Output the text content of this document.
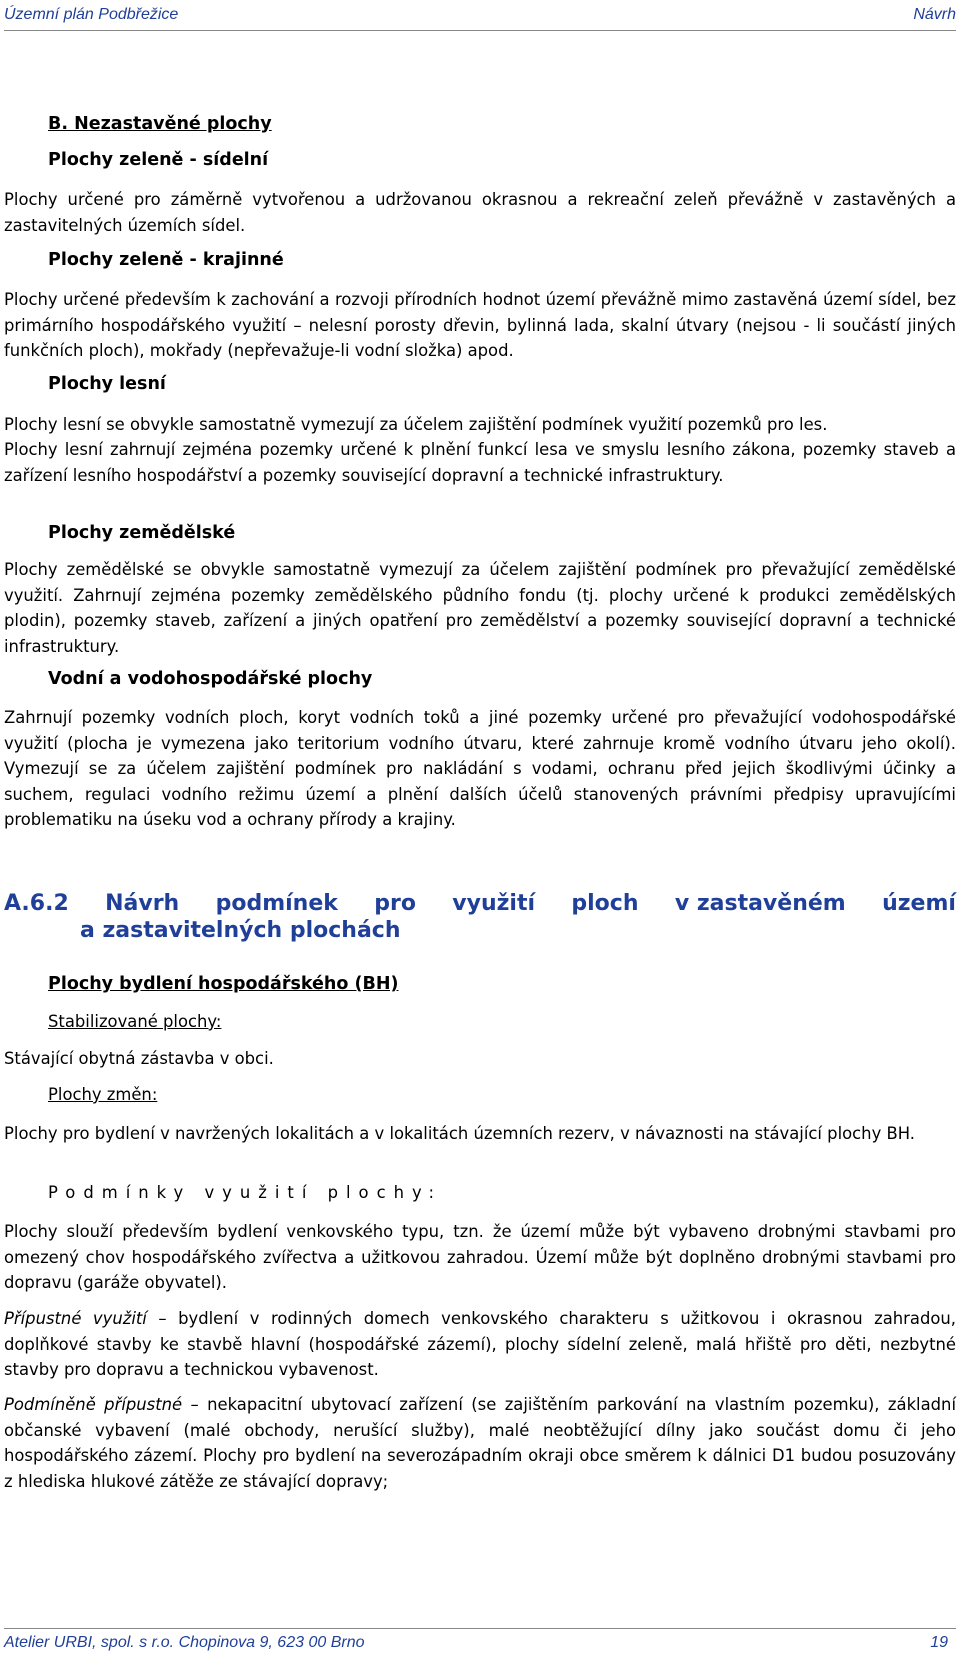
Územní plán Podbřežice	Návrh
B. Nezastavěné plochy
Plochy zeleně - sídelní
Plochy určené pro záměrně vytvořenou a udržovanou okrasnou a rekreační zeleň převážně v zastavěných a zastavitelných územích sídel.
Plochy zeleně - krajinné
Plochy určené především k zachování a rozvoji přírodních hodnot území převážně mimo zastavěná území sídel, bez primárního hospodářského využití – nelesní porosty dřevin, bylinná lada, skalní útvary (nejsou - li součástí jiných funkčních ploch), mokřady (nepřevažuje-li vodní složka) apod.
Plochy lesní
Plochy lesní se obvykle samostatně vymezují za účelem zajištění podmínek využití pozemků pro les.
Plochy lesní zahrnují zejména pozemky určené k plnění funkcí lesa ve smyslu lesního zákona, pozemky staveb a zařízení lesního hospodářství a pozemky související dopravní a technické infrastruktury.
Plochy zemědělské
Plochy zemědělské se obvykle samostatně vymezují za účelem zajištění podmínek pro převažující zemědělské využití. Zahrnují zejména pozemky zemědělského půdního fondu (tj. plochy určené k produkci zemědělských plodin), pozemky staveb, zařízení a jiných opatření pro zemědělství a pozemky související dopravní a technické infrastruktury.
Vodní a vodohospodářské plochy
Zahrnují pozemky vodních ploch, koryt vodních toků a jiné pozemky určené pro převažující vodohospodářské využití (plocha je vymezena jako teritorium vodního útvaru, které zahrnuje kromě vodního útvaru jeho okolí). Vymezují se za účelem zajištění podmínek pro nakládání s vodami, ochranu před jejich škodlivými účinky a suchem, regulaci vodního režimu území a plnění dalších účelů stanovených právními předpisy upravujícími problematiku na úseku vod a ochrany přírody a krajiny.
A.6.2 Návrh podmínek pro využití ploch v zastavěném území
a zastavitelných plochách
Plochy bydlení hospodářského (BH)
Stabilizované plochy:
Stávající obytná zástavba v obci.
Plochy změn:
Plochy pro bydlení v navržených lokalitách a v lokalitách územních rezerv, v návaznosti na stávající plochy BH.
Podmínky využití plochy:
Plochy slouží především bydlení venkovského typu, tzn. že území může být vybaveno drobnými stavbami pro omezený chov hospodářského zvířectva a užitkovou zahradou. Území může být doplněno drobnými stavbami pro dopravu (garáže obyvatel).
Přípustné využití – bydlení v rodinných domech venkovského charakteru s užitkovou i okrasnou zahradou, doplňkové stavby ke stavbě hlavní (hospodářské zázemí), plochy sídelní zeleně, malá hřiště pro děti, nezbytné stavby pro dopravu a technickou vybavenost.
Podmíněně přípustné – nekapacitní ubytovací zařízení (se zajištěním parkování na vlastním pozemku), základní občanské vybavení (malé obchody, nerušící služby), malé neobtěžující dílny jako součást domu či jeho hospodářského zázemí. Plochy pro bydlení na severozápadním okraji obce směrem k dálnici D1 budou posuzovány z hlediska hlukové zátěže ze stávající dopravy;
Atelier URBI, spol. s r.o. Chopinova 9, 623 00 Brno	19
